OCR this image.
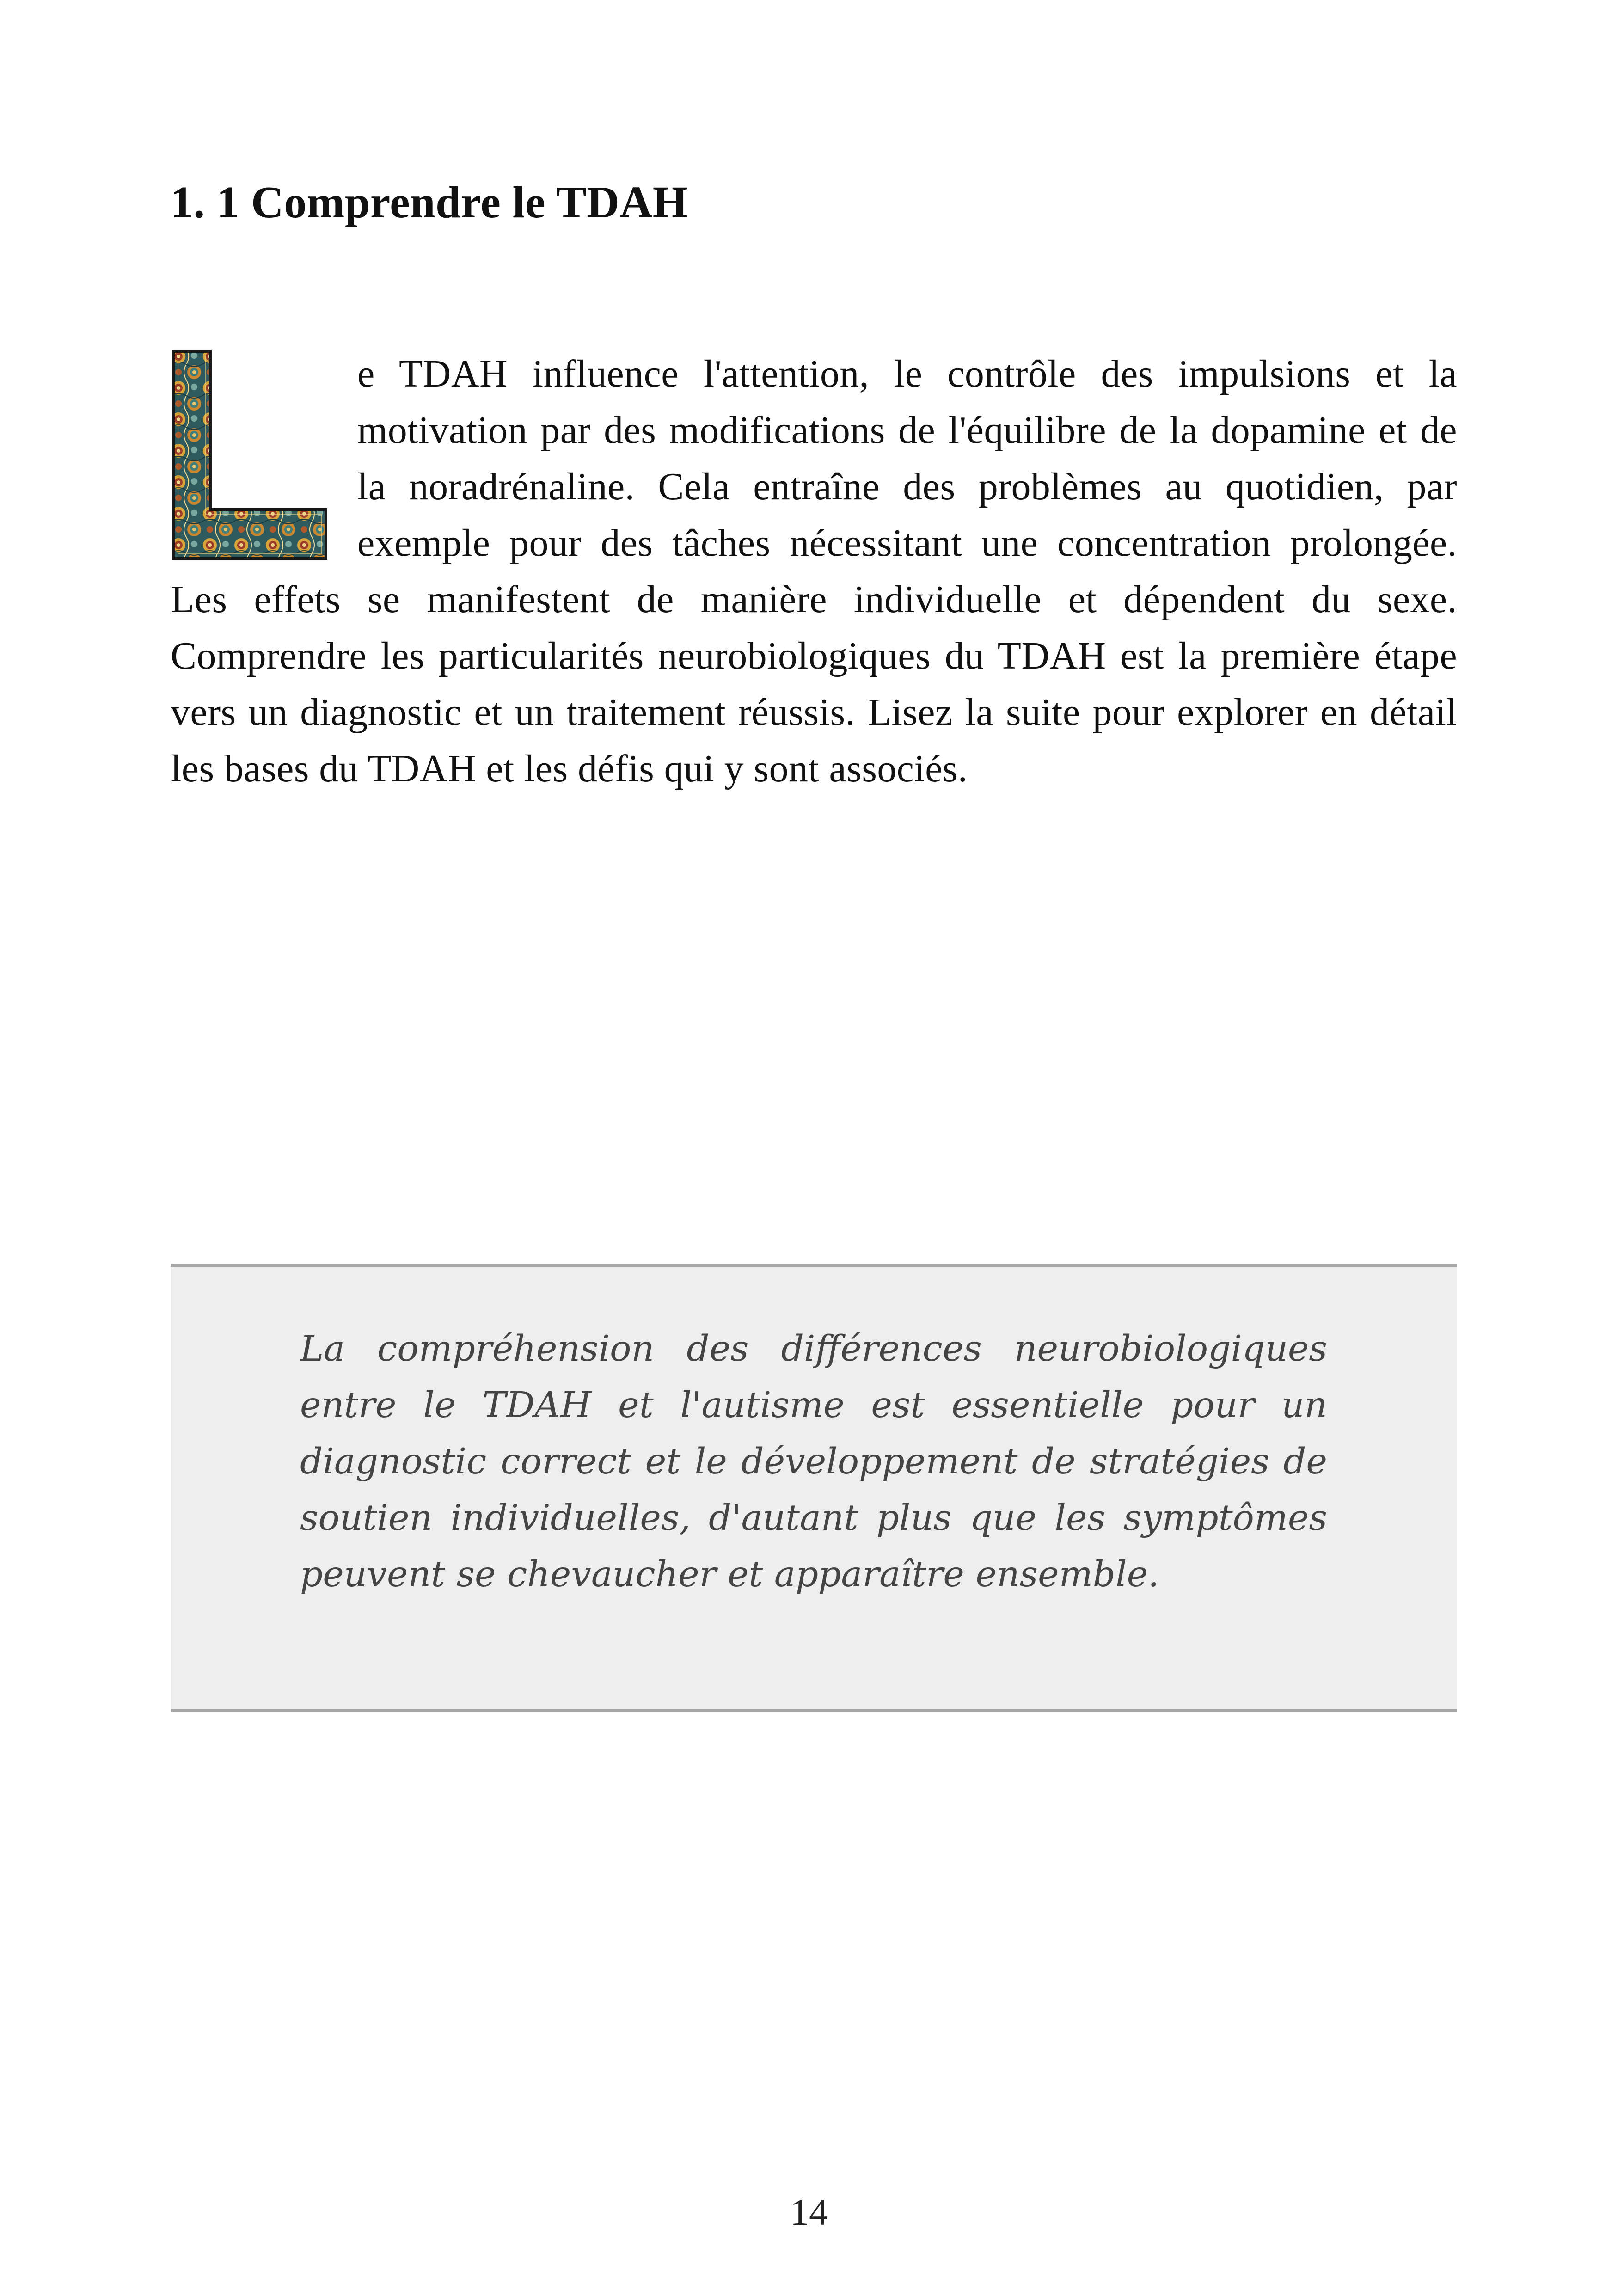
1. 1 Comprendre le TDAH

e TDAH influence l'attention, le contrôle des impulsions et la motivation par des modifications de l'équilibre de la dopamine et de la noradrénaline. Cela entraîne des problèmes au quotidien, par exemple pour des tâches nécessitant une concentration prolongée. Les effets se manifestent de manière individuelle et dépendent du sexe. Comprendre les particularités neurobiologiques du TDAH est la première étape vers un diagnostic et un traitement réussis. Lisez la suite pour explorer en détail les bases du TDAH et les défis qui y sont associés.

La compréhension des différences neurobiologiques entre le TDAH et l'autisme est essentielle pour un diagnostic correct et le développement de stratégies de soutien individuelles, d'autant plus que les symptômes peuvent se chevaucher et apparaître ensemble.

14
